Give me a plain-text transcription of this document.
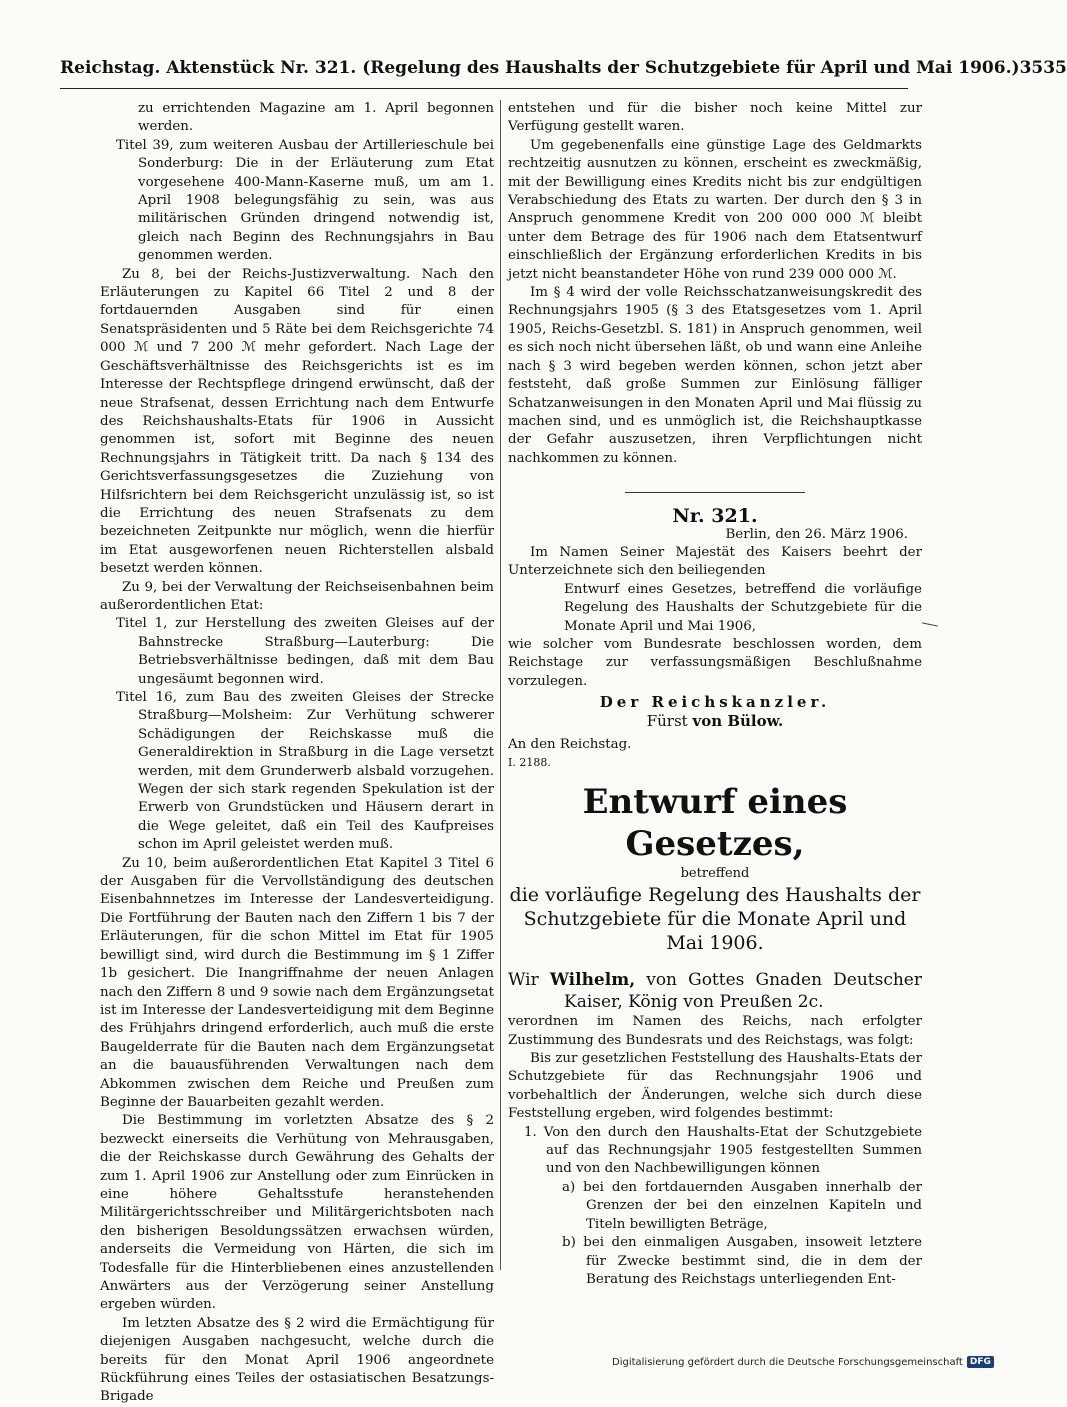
Reichstag. Aktenstück Nr. 321. (Regelung des Haushalts der Schutzgebiete für April und Mai 1906.) 3535

zu errichtenden Magazine am 1. April begonnen werden.

Titel 39, zum weiteren Ausbau der Artillerieschule bei Sonderburg: Die in der Erläuterung zum Etat vorgesehene 400-Mann-Kaserne muß, um am 1. April 1908 belegungsfähig zu sein, was aus militärischen Gründen dringend notwendig ist, gleich nach Beginn des Rechnungsjahrs in Bau genommen werden.

Zu 8, bei der Reichs-Justizverwaltung. Nach den Erläuterungen zu Kapitel 66 Titel 2 und 8 der fortdauernden Ausgaben sind für einen Senatspräsidenten und 5 Räte bei dem Reichsgerichte 74 000 ℳ und 7 200 ℳ mehr gefordert. Nach Lage der Geschäftsverhältnisse des Reichsgerichts ist es im Interesse der Rechtspflege dringend erwünscht, daß der neue Strafsenat, dessen Errichtung nach dem Entwurfe des Reichshaushalts-Etats für 1906 in Aussicht genommen ist, sofort mit Beginne des neuen Rechnungsjahrs in Tätigkeit tritt. Da nach § 134 des Gerichtsverfassungsgesetzes die Zuziehung von Hilfsrichtern bei dem Reichsgericht unzulässig ist, so ist die Errichtung des neuen Strafsenats zu dem bezeichneten Zeitpunkte nur möglich, wenn die hierfür im Etat ausgeworfenen neuen Richterstellen alsbald besetzt werden können.

Zu 9, bei der Verwaltung der Reichseisenbahnen beim außerordentlichen Etat:

Titel 1, zur Herstellung des zweiten Gleises auf der Bahnstrecke Straßburg—Lauterburg: Die Betriebsverhältnisse bedingen, daß mit dem Bau ungesäumt begonnen wird.

Titel 16, zum Bau des zweiten Gleises der Strecke Straßburg—Molsheim: Zur Verhütung schwerer Schädigungen der Reichskasse muß die Generaldirektion in Straßburg in die Lage versetzt werden, mit dem Grunderwerb alsbald vorzugehen. Wegen der sich stark regenden Spekulation ist der Erwerb von Grundstücken und Häusern derart in die Wege geleitet, daß ein Teil des Kaufpreises schon im April geleistet werden muß.

Zu 10, beim außerordentlichen Etat Kapitel 3 Titel 6 der Ausgaben für die Vervollständigung des deutschen Eisenbahnnetzes im Interesse der Landesverteidigung. Die Fortführung der Bauten nach den Ziffern 1 bis 7 der Erläuterungen, für die schon Mittel im Etat für 1905 bewilligt sind, wird durch die Bestimmung im § 1 Ziffer 1b gesichert. Die Inangriffnahme der neuen Anlagen nach den Ziffern 8 und 9 sowie nach dem Ergänzungsetat ist im Interesse der Landesverteidigung mit dem Beginne des Frühjahrs dringend erforderlich, auch muß die erste Baugelderrate für die Bauten nach dem Ergänzungsetat an die bauausführenden Verwaltungen nach dem Abkommen zwischen dem Reiche und Preußen zum Beginne der Bauarbeiten gezahlt werden.

Die Bestimmung im vorletzten Absatze des § 2 bezweckt einerseits die Verhütung von Mehrausgaben, die der Reichskasse durch Gewährung des Gehalts der zum 1. April 1906 zur Anstellung oder zum Einrücken in eine höhere Gehaltsstufe heranstehenden Militärgerichtsschreiber und Militärgerichtsboten nach den bisherigen Besoldungssätzen erwachsen würden, anderseits die Vermeidung von Härten, die sich im Todesfalle für die Hinterbliebenen eines anzustellenden Anwärters aus der Verzögerung seiner Anstellung ergeben würden.

Im letzten Absatze des § 2 wird die Ermächtigung für diejenigen Ausgaben nachgesucht, welche durch die bereits für den Monat April 1906 angeordnete Rückführung eines Teiles der ostasiatischen Besatzungs-Brigade

entstehen und für die bisher noch keine Mittel zur Verfügung gestellt waren.

Um gegebenenfalls eine günstige Lage des Geldmarkts rechtzeitig ausnutzen zu können, erscheint es zweckmäßig, mit der Bewilligung eines Kredits nicht bis zur endgültigen Verabschiedung des Etats zu warten. Der durch den § 3 in Anspruch genommene Kredit von 200 000 000 ℳ bleibt unter dem Betrage des für 1906 nach dem Etatsentwurf einschließlich der Ergänzung erforderlichen Kredits in bis jetzt nicht beanstandeter Höhe von rund 239 000 000 ℳ.

Im § 4 wird der volle Reichsschatzanweisungskredit des Rechnungsjahrs 1905 (§ 3 des Etatsgesetzes vom 1. April 1905, Reichs-Gesetzbl. S. 181) in Anspruch genommen, weil es sich noch nicht übersehen läßt, ob und wann eine Anleihe nach § 3 wird begeben werden können, schon jetzt aber feststeht, daß große Summen zur Einlösung fälliger Schatzanweisungen in den Monaten April und Mai flüssig zu machen sind, und es unmöglich ist, die Reichshauptkasse der Gefahr auszusetzen, ihren Verpflichtungen nicht nachkommen zu können.

Nr. 321.

Berlin, den 26. März 1906.

Im Namen Seiner Majestät des Kaisers beehrt der Unterzeichnete sich den beiliegenden

Entwurf eines Gesetzes, betreffend die vorläufige Regelung des Haushalts der Schutzgebiete für die Monate April und Mai 1906,

wie solcher vom Bundesrate beschlossen worden, dem Reichstage zur verfassungsmäßigen Beschlußnahme vorzulegen.

Der Reichskanzler.

Fürst von Bülow.

An den Reichstag.

I. 2188.

Entwurf eines Gesetzes,

betreffend

die vorläufige Regelung des Haushalts der Schutzgebiete für die Monate April und Mai 1906.

Wir Wilhelm, von Gottes Gnaden Deutscher Kaiser, König von Preußen 2c.

verordnen im Namen des Reichs, nach erfolgter Zustimmung des Bundesrats und des Reichstags, was folgt:

Bis zur gesetzlichen Feststellung des Haushalts-Etats der Schutzgebiete für das Rechnungsjahr 1906 und vorbehaltlich der Änderungen, welche sich durch diese Feststellung ergeben, wird folgendes bestimmt:

1. Von den durch den Haushalts-Etat der Schutzgebiete auf das Rechnungsjahr 1905 festgestellten Summen und von den Nachbewilligungen können

a) bei den fortdauernden Ausgaben innerhalb der Grenzen der bei den einzelnen Kapiteln und Titeln bewilligten Beträge,

b) bei den einmaligen Ausgaben, insoweit letztere für Zwecke bestimmt sind, die in dem der Beratung des Reichstags unterliegenden Ent-

Digitalisierung gefördert durch die Deutsche Forschungsgemeinschaft DFG
